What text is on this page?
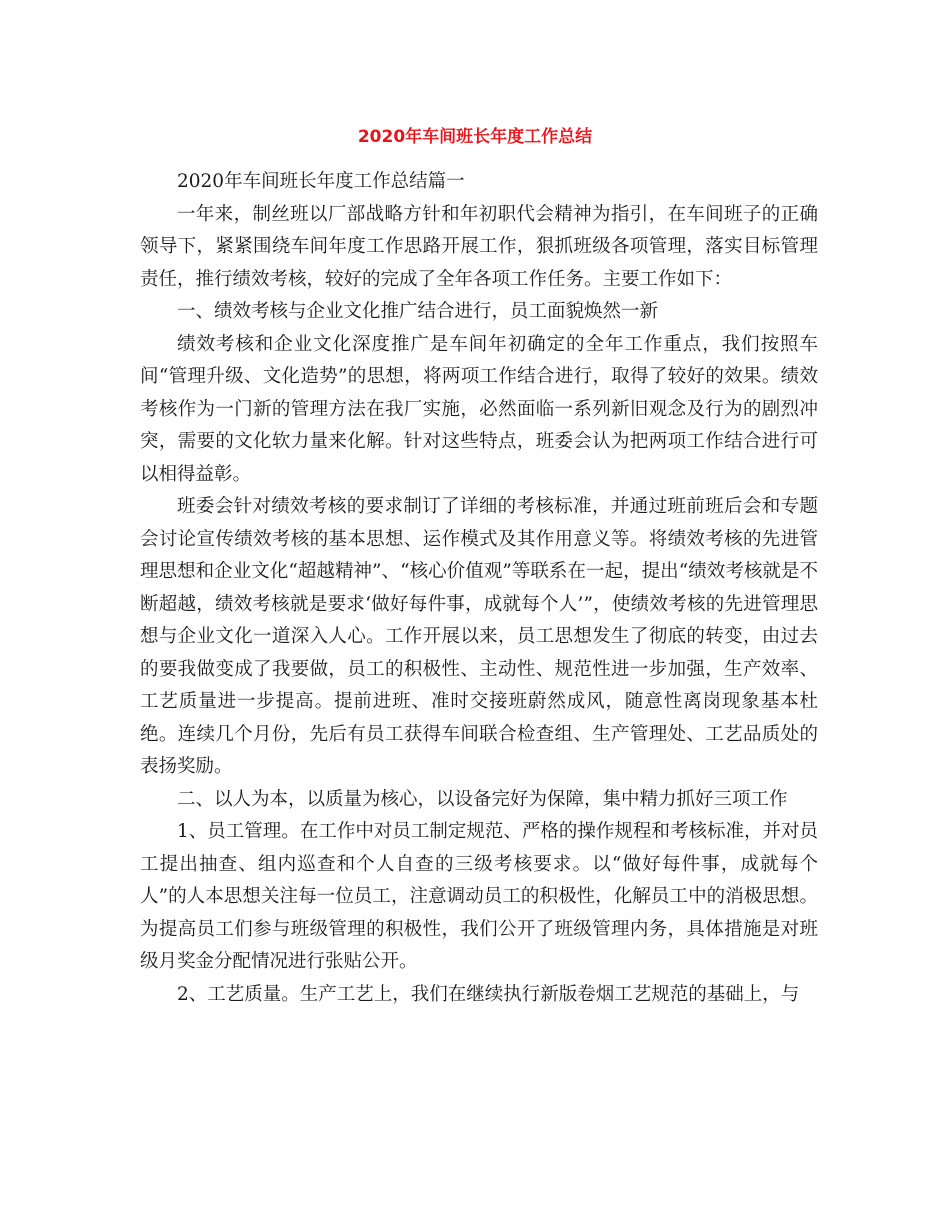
2020年车间班长年度工作总结

2020年车间班长年度工作总结篇一

一年来，制丝班以厂部战略方针和年初职代会精神为指引，在车间班子的正确领导下，紧紧围绕车间年度工作思路开展工作，狠抓班级各项管理，落实目标管理责任，推行绩效考核，较好的完成了全年各项工作任务。主要工作如下：

一、绩效考核与企业文化推广结合进行，员工面貌焕然一新

绩效考核和企业文化深度推广是车间年初确定的全年工作重点，我们按照车间“管理升级、文化造势”的思想，将两项工作结合进行，取得了较好的效果。绩效考核作为一门新的管理方法在我厂实施，必然面临一系列新旧观念及行为的剧烈冲突，需要的文化软力量来化解。针对这些特点，班委会认为把两项工作结合进行可以相得益彰。

班委会针对绩效考核的要求制订了详细的考核标准，并通过班前班后会和专题会讨论宣传绩效考核的基本思想、运作模式及其作用意义等。将绩效考核的先进管理思想和企业文化“超越精神”、“核心价值观”等联系在一起，提出“绩效考核就是不断超越，绩效考核就是要求‘做好每件事，成就每个人’”，使绩效考核的先进管理思想与企业文化一道深入人心。工作开展以来，员工思想发生了彻底的转变，由过去的要我做变成了我要做，员工的积极性、主动性、规范性进一步加强，生产效率、工艺质量进一步提高。提前进班、准时交接班蔚然成风，随意性离岗现象基本杜绝。连续几个月份，先后有员工获得车间联合检查组、生产管理处、工艺品质处的表扬奖励。

二、以人为本，以质量为核心，以设备完好为保障，集中精力抓好三项工作

1、员工管理。在工作中对员工制定规范、严格的操作规程和考核标准，并对员工提出抽查、组内巡查和个人自查的三级考核要求。以“做好每件事，成就每个人”的人本思想关注每一位员工，注意调动员工的积极性，化解员工中的消极思想。为提高员工们参与班级管理的积极性，我们公开了班级管理内务，具体措施是对班级月奖金分配情况进行张贴公开。

2、工艺质量。生产工艺上，我们在继续执行新版卷烟工艺规范的基础上，与
